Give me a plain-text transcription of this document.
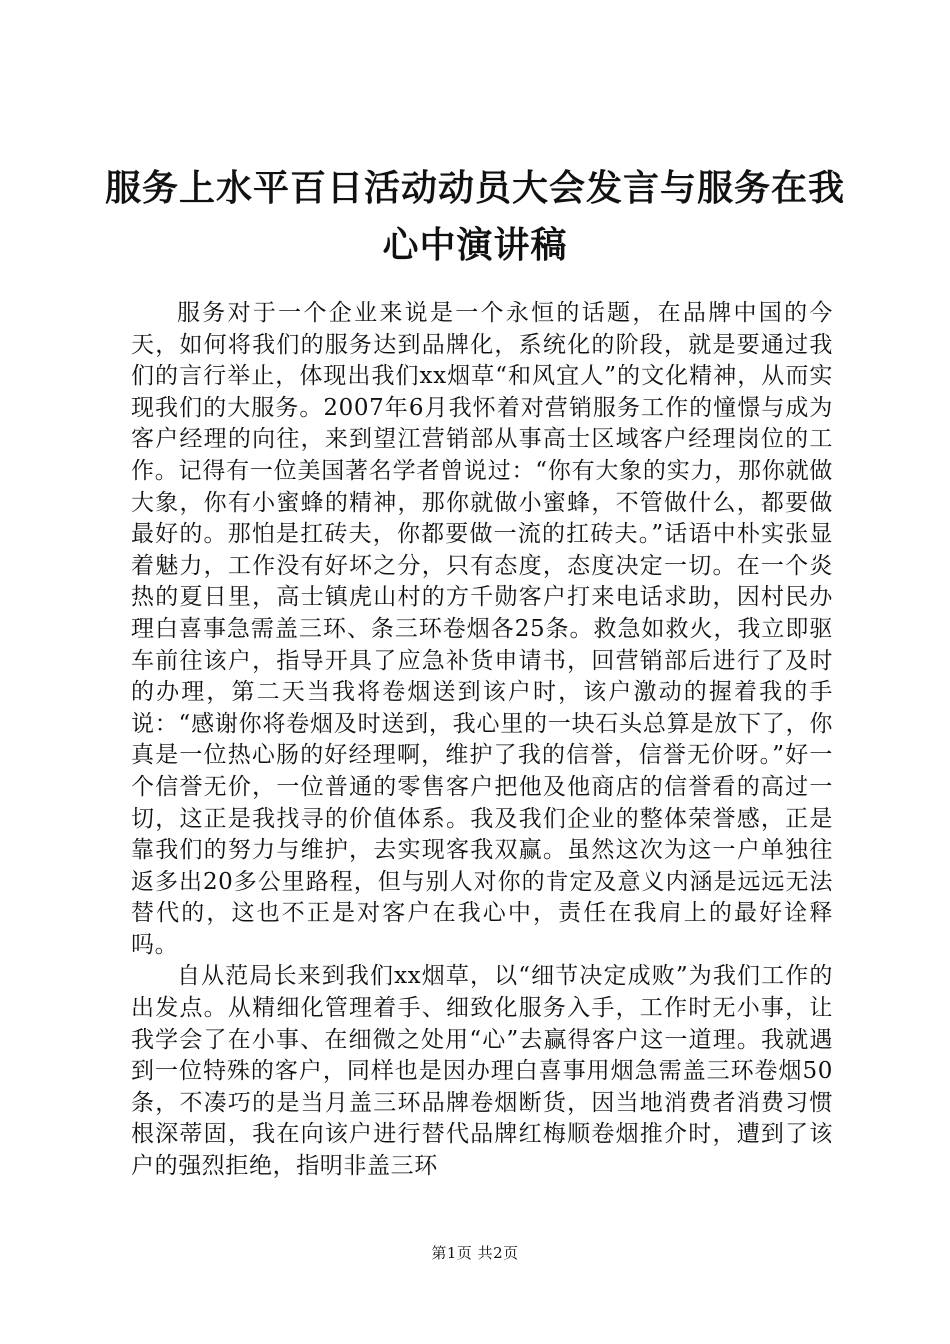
服务上水平百日活动动员大会发言与服务在我
心中演讲稿

服务对于一个企业来说是一个永恒的话题，在品牌中国的今天，如何将我们的服务达到品牌化，系统化的阶段，就是要通过我们的言行举止，体现出我们xx烟草“和风宜人”的文化精神，从而实现我们的大服务。2007年6月我怀着对营销服务工作的憧憬与成为客户经理的向往，来到望江营销部从事高士区域客户经理岗位的工作。记得有一位美国著名学者曾说过：“你有大象的实力，那你就做大象，你有小蜜蜂的精神，那你就做小蜜蜂，不管做什么，都要做最好的。那怕是扛砖夫，你都要做一流的扛砖夫。”话语中朴实张显着魅力，工作没有好坏之分，只有态度，态度决定一切。在一个炎热的夏日里，高士镇虎山村的方千勋客户打来电话求助，因村民办理白喜事急需盖三环、条三环卷烟各25条。救急如救火，我立即驱车前往该户，指导开具了应急补货申请书，回营销部后进行了及时的办理，第二天当我将卷烟送到该户时，该户激动的握着我的手说：“感谢你将卷烟及时送到，我心里的一块石头总算是放下了，你真是一位热心肠的好经理啊，维护了我的信誉，信誉无价呀。”好一个信誉无价，一位普通的零售客户把他及他商店的信誉看的高过一切，这正是我找寻的价值体系。我及我们企业的整体荣誉感，正是靠我们的努力与维护，去实现客我双赢。虽然这次为这一户单独往返多出20多公里路程，但与别人对你的肯定及意义内涵是远远无法替代的，这也不正是对客户在我心中，责任在我肩上的最好诠释吗。

自从范局长来到我们xx烟草，以“细节决定成败”为我们工作的出发点。从精细化管理着手、细致化服务入手，工作时无小事，让我学会了在小事、在细微之处用“心”去赢得客户这一道理。我就遇到一位特殊的客户，同样也是因办理白喜事用烟急需盖三环卷烟50条，不凑巧的是当月盖三环品牌卷烟断货，因当地消费者消费习惯根深蒂固，我在向该户进行替代品牌红梅顺卷烟推介时，遭到了该户的强烈拒绝，指明非盖三环

第1页 共2页
